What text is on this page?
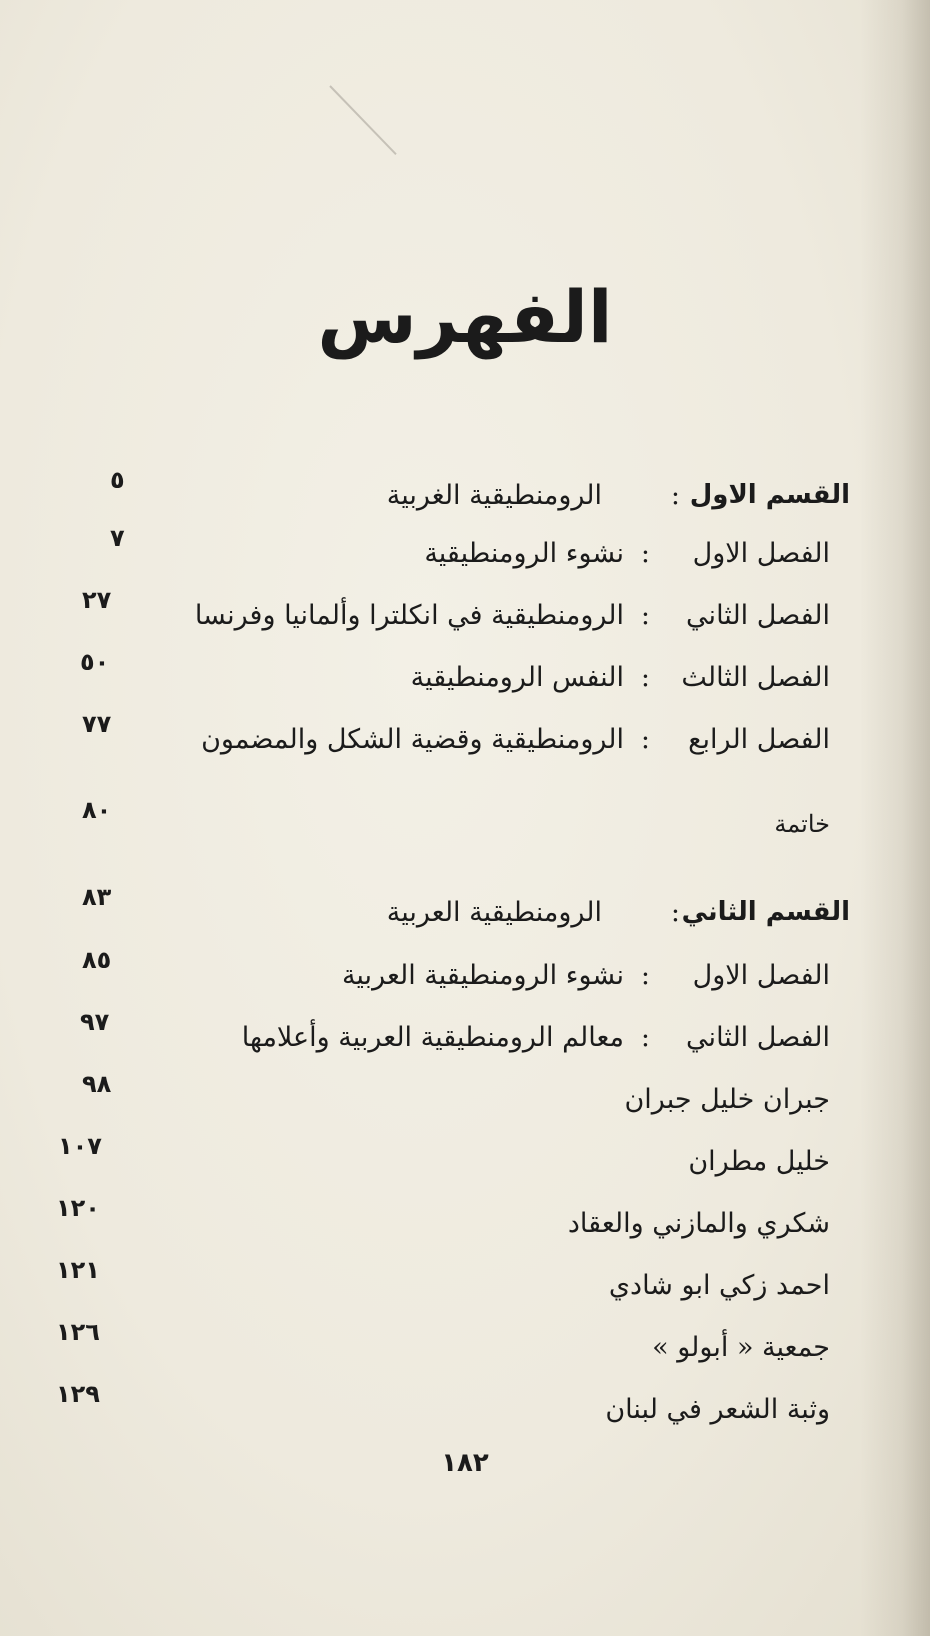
الفهرس
القسم الاول
:
الرومنطيقية الغربية
٥
الفصل الاول
:
نشوء الرومنطيقية
٧
الفصل الثاني
:
الرومنطيقية في انكلترا وألمانيا وفرنسا
٢٧
الفصل الثالث
:
النفس الرومنطيقية
٥٠
الفصل الرابع
:
الرومنطيقية وقضية الشكل والمضمون
٧٧
خاتمة
٨٠
القسم الثاني
:
الرومنطيقية العربية
٨٣
الفصل الاول
:
نشوء الرومنطيقية العربية
٨٥
الفصل الثاني
:
معالم الرومنطيقية العربية وأعلامها
٩٧
جبران خليل جبران
٩٨
خليل مطران
١٠٧
شكري والمازني والعقاد
١٢٠
احمد زكي ابو شادي
١٢١
جمعية « أبولو »
١٢٦
وثبة الشعر في لبنان
١٢٩
١٨٢
